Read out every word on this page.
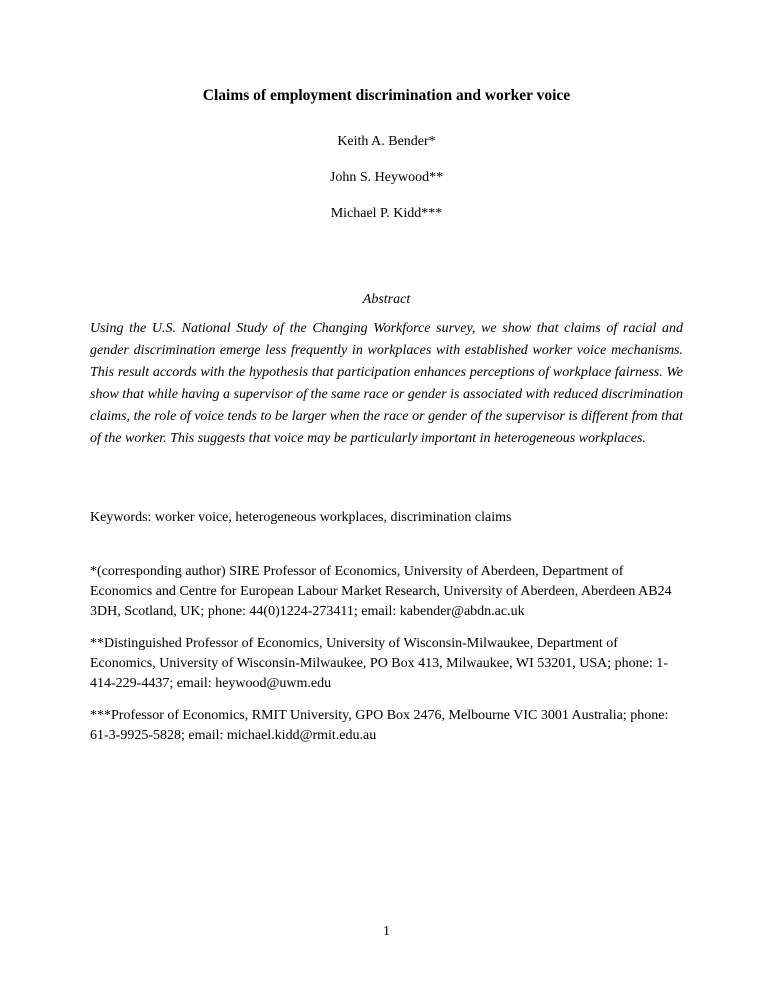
Claims of employment discrimination and worker voice

Keith A. Bender*

John S. Heywood**

Michael P. Kidd***

Abstract

Using the U.S. National Study of the Changing Workforce survey, we show that claims of racial and gender discrimination emerge less frequently in workplaces with established worker voice mechanisms. This result accords with the hypothesis that participation enhances perceptions of workplace fairness. We show that while having a supervisor of the same race or gender is associated with reduced discrimination claims, the role of voice tends to be larger when the race or gender of the supervisor is different from that of the worker. This suggests that voice may be particularly important in heterogeneous workplaces.

Keywords: worker voice, heterogeneous workplaces, discrimination claims

*(corresponding author) SIRE Professor of Economics, University of Aberdeen, Department of Economics and Centre for European Labour Market Research, University of Aberdeen, Aberdeen AB24 3DH, Scotland, UK; phone: 44(0)1224-273411; email: kabender@abdn.ac.uk

**Distinguished Professor of Economics, University of Wisconsin-Milwaukee, Department of Economics, University of Wisconsin-Milwaukee, PO Box 413, Milwaukee, WI 53201, USA; phone: 1-414-229-4437; email: heywood@uwm.edu

***Professor of Economics, RMIT University, GPO Box 2476, Melbourne VIC 3001 Australia; phone: 61-3-9925-5828; email: michael.kidd@rmit.edu.au

1
